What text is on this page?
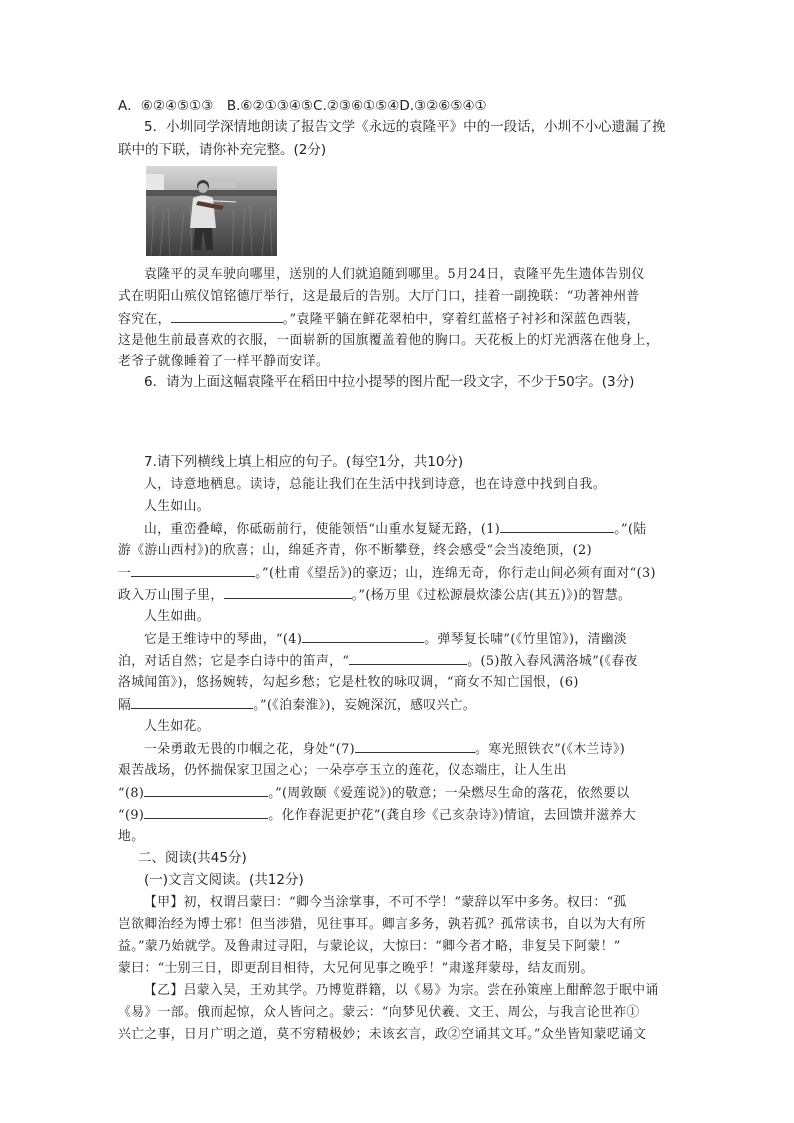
A．⑥②④⑤①③　B.⑥②①③④⑤C.②③⑥①⑤④D.③②⑥⑤④①
5．小圳同学深情地朗读了报告文学《永远的袁隆平》中的一段话，小圳不小心遗漏了挽
联中的下联，请你补充完整。(2分)
袁隆平的灵车驶向哪里，送别的人们就追随到哪里。5月24日，袁隆平先生遗体告别仪
式在明阳山殡仪馆铭德厅举行，这是最后的告别。大厅门口，挂着一副挽联：“功著神州普
容究在，	。”袁隆平躺在鲜花翠柏中，穿着红蓝格子衬衫和深蓝色西装，
这是他生前最喜欢的衣服，一面崭新的国旗覆盖着他的胸口。天花板上的灯光洒落在他身上，
老爷子就像睡着了一样平静而安详。
6．请为上面这幅袁隆平在稻田中拉小提琴的图片配一段文字，不少于50字。(3分)
7.请下列横线上填上相应的句子。(每空1分，共10分)
人，诗意地栖息。读诗，总能让我们在生活中找到诗意，也在诗意中找到自我。
人生如山。
山，重峦叠嶂，你砥砺前行，使能领悟“山重水复疑无路，(1)	。”(陆
游《游山西村》)的欣喜；山，绵延齐青，你不断攀登，终会感受“会当凌绝顶，(2)
一	。”(杜甫《望岳》)的豪迈；山，连绵无奇，你行走山间必须有面对“(3)
政入万山围子里，	。”(杨万里《过松源晨炊漆公店(其五)》)的智慧。
人生如曲。
它是王维诗中的琴曲，“(4)	。弹琴复长啸”(《竹里馆》)，清幽淡
泊，对话自然；它是李白诗中的笛声，“	。(5)散入春风满洛城”(《春夜
洛城闻笛》)，悠扬婉转，勾起乡愁；它是杜牧的咏叹调，“商女不知亡国恨，(6)
隔	。”(《泊秦淮》)，妄婉深沉，感叹兴亡。
人生如花。
一朵勇敢无畏的巾帼之花，身处“(7)	。寒光照铁衣”(《木兰诗》)
艰苦战场，仍怀揣保家卫国之心；一朵亭亭玉立的莲花，仪态端庄，让人生出
“(8)	。”(周敦颐《爱莲说》)的敬意；一朵燃尽生命的落花，依然要以
“(9)	。化作春泥更护花”(龚自珍《己亥杂诗》)情谊，去回馈并滋养大
地。
二、阅读(共45分)
(一)文言文阅读。(共12分)
【甲】初，权谓吕蒙曰：“卿今当涂掌事，不可不学！”蒙辞以军中多务。权曰：“孤
岂欲卿治经为博士邪！但当涉猎，见往事耳。卿言多务，孰若孤？孤常读书，自以为大有所
益。”蒙乃始就学。及鲁肃过寻阳，与蒙论议，大惊曰：“卿今者才略，非复吴下阿蒙！”
蒙曰：“士别三日，即更刮目相待，大兄何见事之晚乎！”肃遂拜蒙母，结友而别。
【乙】吕蒙入吴，王劝其学。乃博览群籍，以《易》为宗。尝在孙策座上酣醉忽于眠中诵
《易》一部。俄而起惊，众人皆问之。蒙云：“向梦见伏羲、文王、周公，与我言论世祚①
兴亡之事，日月广明之道，莫不穷精极妙；未该玄言，政②空诵其文耳。”众坐皆知蒙呓诵文
